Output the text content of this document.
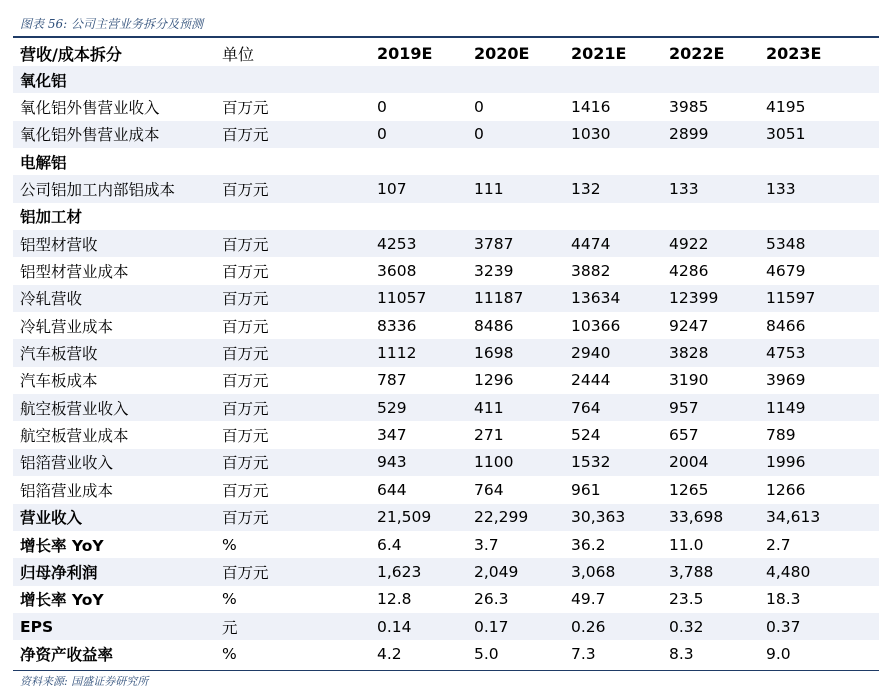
图表 56: 公司主营业务拆分及预测
营收/成本拆分	单位	2019E	2020E	2021E	2022E	2023E
氧化铝
氧化铝外售营业收入	百万元	0	0	1416	3985	4195
氧化铝外售营业成本	百万元	0	0	1030	2899	3051
电解铝
公司铝加工内部铝成本	百万元	107	111	132	133	133
铝加工材
铝型材营收	百万元	4253	3787	4474	4922	5348
铝型材营业成本	百万元	3608	3239	3882	4286	4679
冷轧营收	百万元	11057	11187	13634	12399	11597
冷轧营业成本	百万元	8336	8486	10366	9247	8466
汽车板营收	百万元	1112	1698	2940	3828	4753
汽车板成本	百万元	787	1296	2444	3190	3969
航空板营业收入	百万元	529	411	764	957	1149
航空板营业成本	百万元	347	271	524	657	789
铝箔营业收入	百万元	943	1100	1532	2004	1996
铝箔营业成本	百万元	644	764	961	1265	1266
营业收入	百万元	21,509	22,299	30,363	33,698	34,613
增长率 YoY	%	6.4	3.7	36.2	11.0	2.7
归母净利润	百万元	1,623	2,049	3,068	3,788	4,480
增长率 YoY	%	12.8	26.3	49.7	23.5	18.3
EPS	元	0.14	0.17	0.26	0.32	0.37
净资产收益率	%	4.2	5.0	7.3	8.3	9.0
资料来源: 国盛证券研究所
